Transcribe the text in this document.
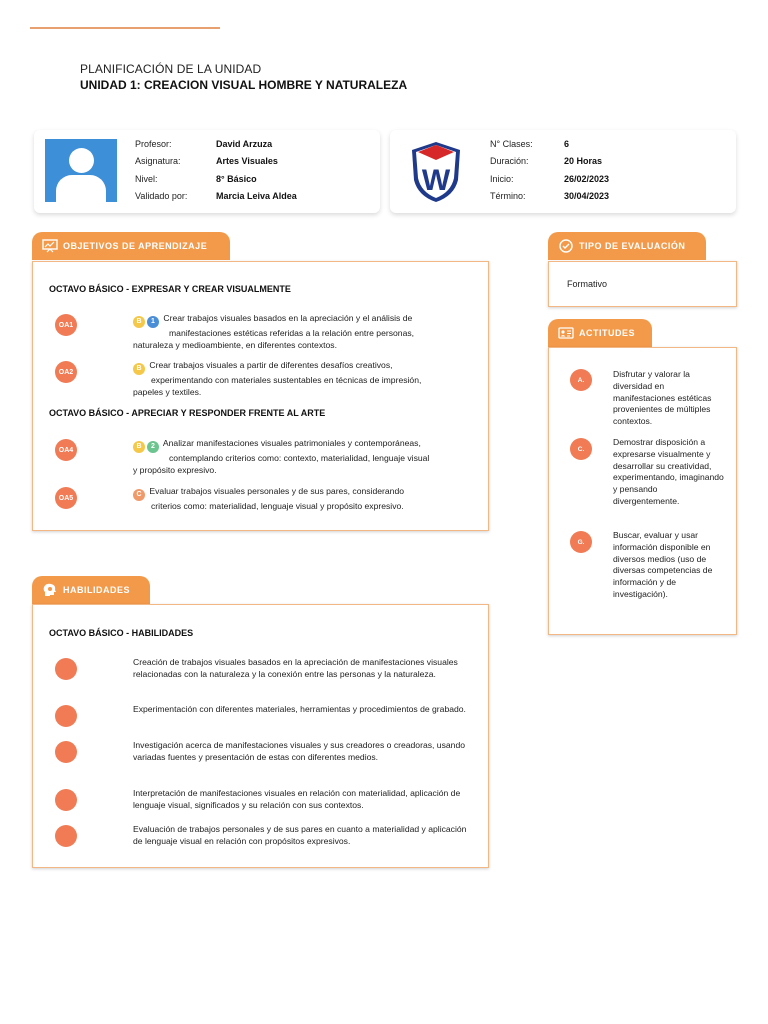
PLANIFICACIÓN DE LA UNIDAD
UNIDAD 1: CREACION VISUAL HOMBRE Y NATURALEZA
Profesor:	David Arzuza
Asignatura:	Artes Visuales
Nivel:	8° Básico
Validado por:	Marcia Leiva Aldea	W
N° Clases:	6
Duración:	20 Horas
Inicio:	26/02/2023
Término:	30/04/2023
OBJETIVOS DE APRENDIZAJE
OCTAVO BÁSICO - EXPRESAR Y CREAR VISUALMENTE
OA1	B 1 Crear trabajos visuales basados en la apreciación y el análisis de
manifestaciones estéticas referidas a la relación entre personas,
naturaleza y medioambiente, en diferentes contextos.
OA2	B Crear trabajos visuales a partir de diferentes desafíos creativos,
experimentando con materiales sustentables en técnicas de impresión,
papeles y textiles.
OCTAVO BÁSICO - APRECIAR Y RESPONDER FRENTE AL ARTE
OA4	B 2 Analizar manifestaciones visuales patrimoniales y contemporáneas,
contemplando criterios como: contexto, materialidad, lenguaje visual
y propósito expresivo.
OA5	C Evaluar trabajos visuales personales y de sus pares, considerando
criterios como: materialidad, lenguaje visual y propósito expresivo.
HABILIDADES
OCTAVO BÁSICO - HABILIDADES
Creación de trabajos visuales basados en la apreciación de manifestaciones visuales relacionadas con la naturaleza y la conexión entre las personas y la naturaleza.
Experimentación con diferentes materiales, herramientas y procedimientos de grabado.
Investigación acerca de manifestaciones visuales y sus creadores o creadoras, usando variadas fuentes y presentación de estas con diferentes medios.
Interpretación de manifestaciones visuales en relación con materialidad, aplicación de lenguaje visual, significados y su relación con sus contextos.
Evaluación de trabajos personales y de sus pares en cuanto a materialidad y aplicación de lenguaje visual en relación con propósitos expresivos.
TIPO DE EVALUACIÓN
Formativo
ACTITUDES
A.
Disfrutar y valorar la diversidad en manifestaciones estéticas provenientes de múltiples contextos.
C.
Demostrar disposición a expresarse visualmente y desarrollar su creatividad, experimentando, imaginando y pensando divergentemente.
G.
Buscar, evaluar y usar información disponible en diversos medios (uso de diversas competencias de información y de investigación).
